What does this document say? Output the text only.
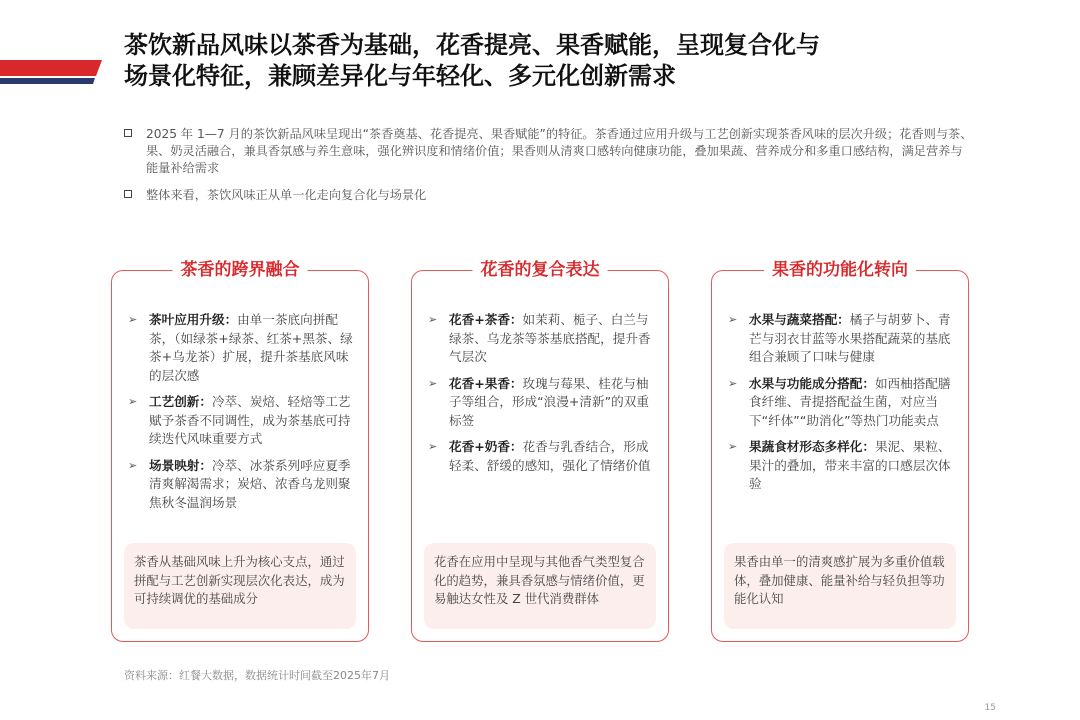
茶饮新品风味以茶香为基础，花香提亮、果香赋能，呈现复合化与
场景化特征，兼顾差异化与年轻化、多元化创新需求
2025 年 1—7 月的茶饮新品风味呈现出“茶香奠基、花香提亮、果香赋能”的特征。茶香通过应用升级与工艺创新实现茶香风味的层次升级；花香则与茶、果、奶灵活融合，兼具香氛感与养生意味，强化辨识度和情绪价值；果香则从清爽口感转向健康功能，叠加果蔬、营养成分和多重口感结构，满足营养与能量补给需求
整体来看，茶饮风味正从单一化走向复合化与场景化
茶香的跨界融合
➢ 茶叶应用升级：由单一茶底向拼配茶，（如绿茶+绿茶、红茶+黑茶、绿茶+乌龙茶）扩展，提升茶基底风味的层次感
➢ 工艺创新：冷萃、炭焙、轻焙等工艺赋予茶香不同调性，成为茶基底可持续迭代风味重要方式
➢ 场景映射：冷萃、冰茶系列呼应夏季清爽解渴需求；炭焙、浓香乌龙则聚焦秋冬温润场景
茶香从基础风味上升为核心支点，通过拼配与工艺创新实现层次化表达，成为可持续调优的基础成分
花香的复合表达
➢ 花香+茶香：如茉莉、栀子、白兰与绿茶、乌龙茶等茶基底搭配，提升香气层次
➢ 花香+果香：玫瑰与莓果、桂花与柚子等组合，形成“浪漫+清新”的双重标签
➢ 花香+奶香：花香与乳香结合，形成轻柔、舒缓的感知，强化了情绪价值
花香在应用中呈现与其他香气类型复合化的趋势，兼具香氛感与情绪价值，更易触达女性及 Z 世代消费群体
果香的功能化转向
➢ 水果与蔬菜搭配：橘子与胡萝卜、青芒与羽衣甘蓝等水果搭配蔬菜的基底组合兼顾了口味与健康
➢ 水果与功能成分搭配：如西柚搭配膳食纤维、青提搭配益生菌，对应当下“纤体”“助消化”等热门功能卖点
➢ 果蔬食材形态多样化：果泥、果粒、果汁的叠加，带来丰富的口感层次体验
果香由单一的清爽感扩展为多重价值载体，叠加健康、能量补给与轻负担等功能化认知
资料来源：红餐大数据，数据统计时间截至2025年7月
15
